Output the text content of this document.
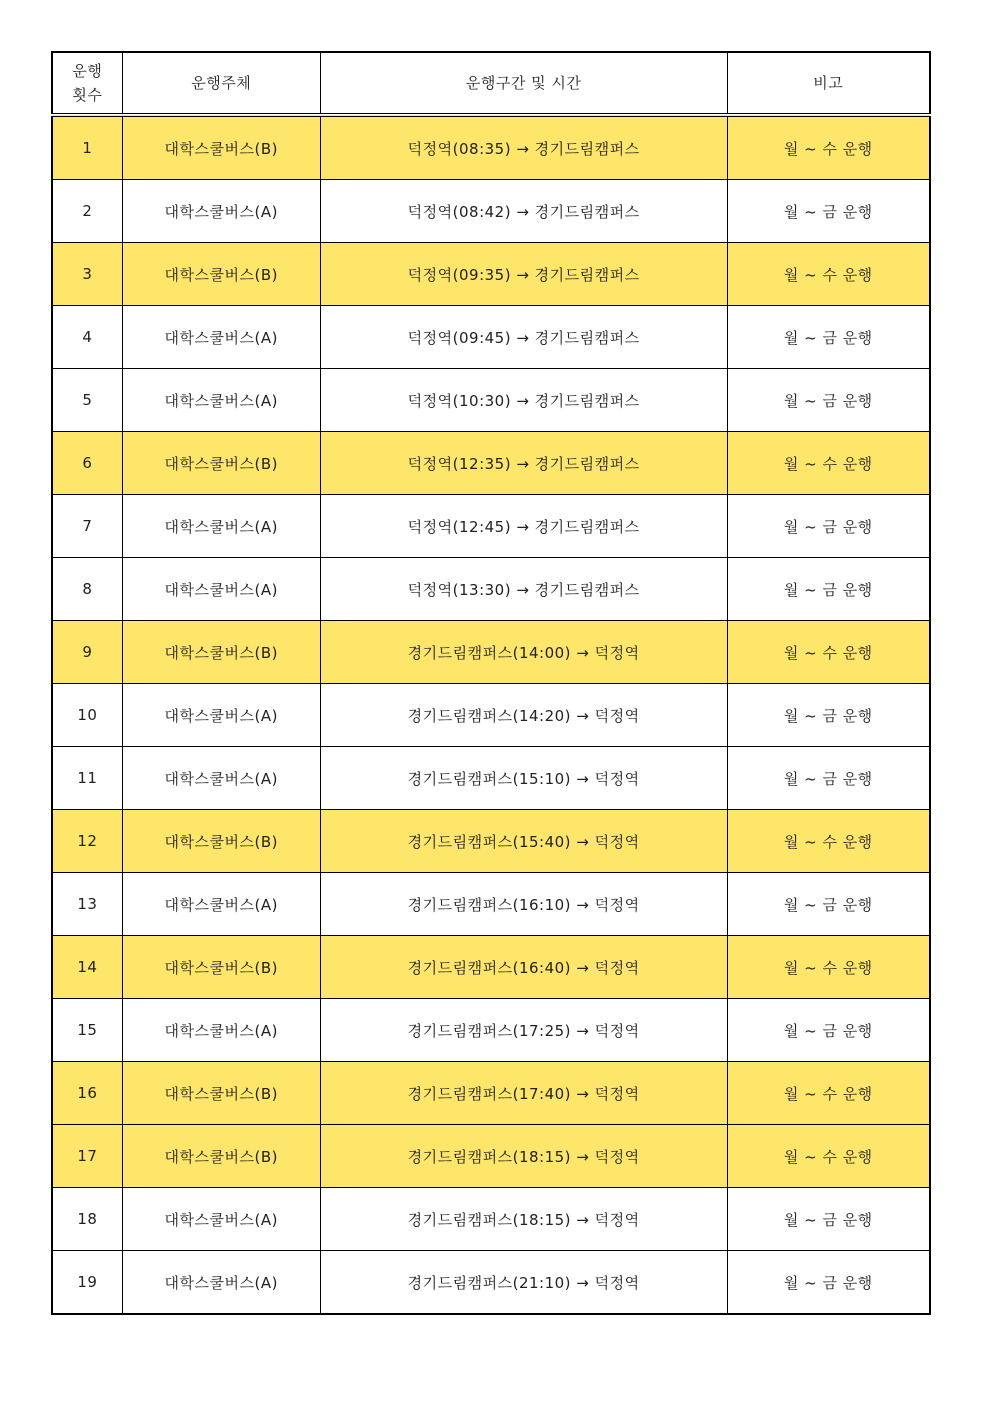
운행
횟수	운행주체	운행구간 및 시간	비고
1	대학스쿨버스(B)	덕정역(08:35) → 경기드림캠퍼스	월 ~ 수 운행
2	대학스쿨버스(A)	덕정역(08:42) → 경기드림캠퍼스	월 ~ 금 운행
3	대학스쿨버스(B)	덕정역(09:35) → 경기드림캠퍼스	월 ~ 수 운행
4	대학스쿨버스(A)	덕정역(09:45) → 경기드림캠퍼스	월 ~ 금 운행
5	대학스쿨버스(A)	덕정역(10:30) → 경기드림캠퍼스	월 ~ 금 운행
6	대학스쿨버스(B)	덕정역(12:35) → 경기드림캠퍼스	월 ~ 수 운행
7	대학스쿨버스(A)	덕정역(12:45) → 경기드림캠퍼스	월 ~ 금 운행
8	대학스쿨버스(A)	덕정역(13:30) → 경기드림캠퍼스	월 ~ 금 운행
9	대학스쿨버스(B)	경기드림캠퍼스(14:00) → 덕정역	월 ~ 수 운행
10	대학스쿨버스(A)	경기드림캠퍼스(14:20) → 덕정역	월 ~ 금 운행
11	대학스쿨버스(A)	경기드림캠퍼스(15:10) → 덕정역	월 ~ 금 운행
12	대학스쿨버스(B)	경기드림캠퍼스(15:40) → 덕정역	월 ~ 수 운행
13	대학스쿨버스(A)	경기드림캠퍼스(16:10) → 덕정역	월 ~ 금 운행
14	대학스쿨버스(B)	경기드림캠퍼스(16:40) → 덕정역	월 ~ 수 운행
15	대학스쿨버스(A)	경기드림캠퍼스(17:25) → 덕정역	월 ~ 금 운행
16	대학스쿨버스(B)	경기드림캠퍼스(17:40) → 덕정역	월 ~ 수 운행
17	대학스쿨버스(B)	경기드림캠퍼스(18:15) → 덕정역	월 ~ 수 운행
18	대학스쿨버스(A)	경기드림캠퍼스(18:15) → 덕정역	월 ~ 금 운행
19	대학스쿨버스(A)	경기드림캠퍼스(21:10) → 덕정역	월 ~ 금 운행
